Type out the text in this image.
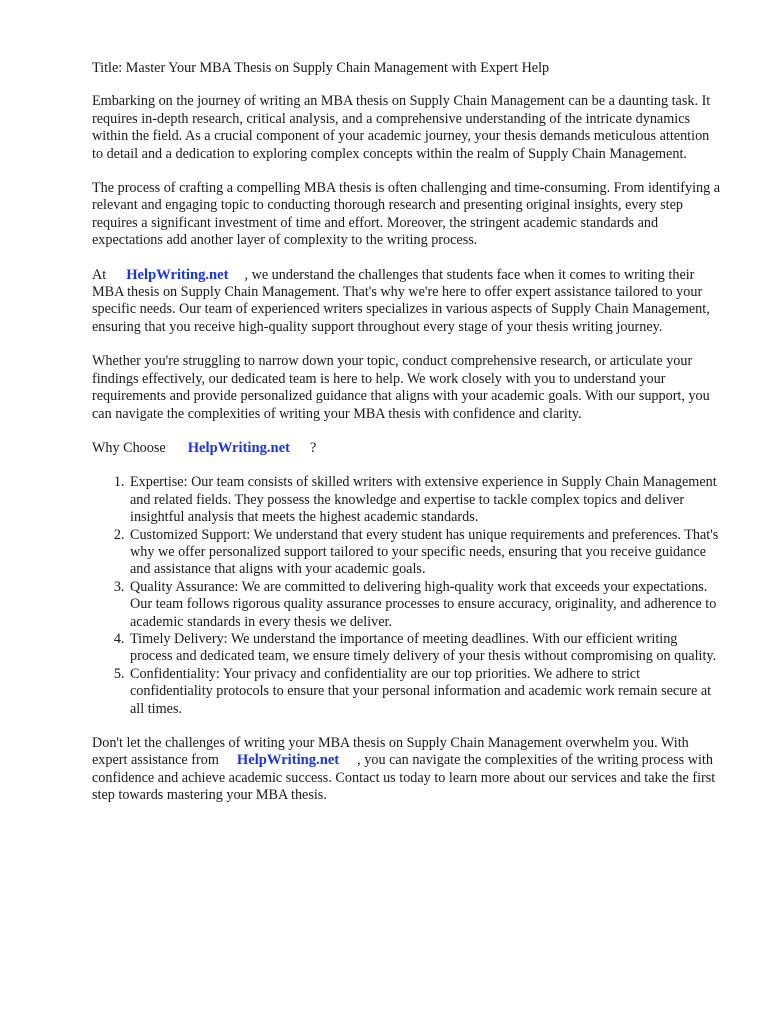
Title: Master Your MBA Thesis on Supply Chain Management with Expert Help

Embarking on the journey of writing an MBA thesis on Supply Chain Management can be a daunting task. It requires in-depth research, critical analysis, and a comprehensive understanding of the intricate dynamics within the field. As a crucial component of your academic journey, your thesis demands meticulous attention to detail and a dedication to exploring complex concepts within the realm of Supply Chain Management.

The process of crafting a compelling MBA thesis is often challenging and time-consuming. From identifying a relevant and engaging topic to conducting thorough research and presenting original insights, every step requires a significant investment of time and effort. Moreover, the stringent academic standards and expectations add another layer of complexity to the writing process.

At HelpWriting.net , we understand the challenges that students face when it comes to writing their MBA thesis on Supply Chain Management. That's why we're here to offer expert assistance tailored to your specific needs. Our team of experienced writers specializes in various aspects of Supply Chain Management, ensuring that you receive high-quality support throughout every stage of your thesis writing journey.

Whether you're struggling to narrow down your topic, conduct comprehensive research, or articulate your findings effectively, our dedicated team is here to help. We work closely with you to understand your requirements and provide personalized guidance that aligns with your academic goals. With our support, you can navigate the complexities of writing your MBA thesis with confidence and clarity.

Why Choose HelpWriting.net ?

1. Expertise: Our team consists of skilled writers with extensive experience in Supply Chain Management and related fields. They possess the knowledge and expertise to tackle complex topics and deliver insightful analysis that meets the highest academic standards.
2. Customized Support: We understand that every student has unique requirements and preferences. That's why we offer personalized support tailored to your specific needs, ensuring that you receive guidance and assistance that aligns with your academic goals.
3. Quality Assurance: We are committed to delivering high-quality work that exceeds your expectations. Our team follows rigorous quality assurance processes to ensure accuracy, originality, and adherence to academic standards in every thesis we deliver.
4. Timely Delivery: We understand the importance of meeting deadlines. With our efficient writing process and dedicated team, we ensure timely delivery of your thesis without compromising on quality.
5. Confidentiality: Your privacy and confidentiality are our top priorities. We adhere to strict confidentiality protocols to ensure that your personal information and academic work remain secure at all times.

Don't let the challenges of writing your MBA thesis on Supply Chain Management overwhelm you. With expert assistance from HelpWriting.net , you can navigate the complexities of the writing process with confidence and achieve academic success. Contact us today to learn more about our services and take the first step towards mastering your MBA thesis.
